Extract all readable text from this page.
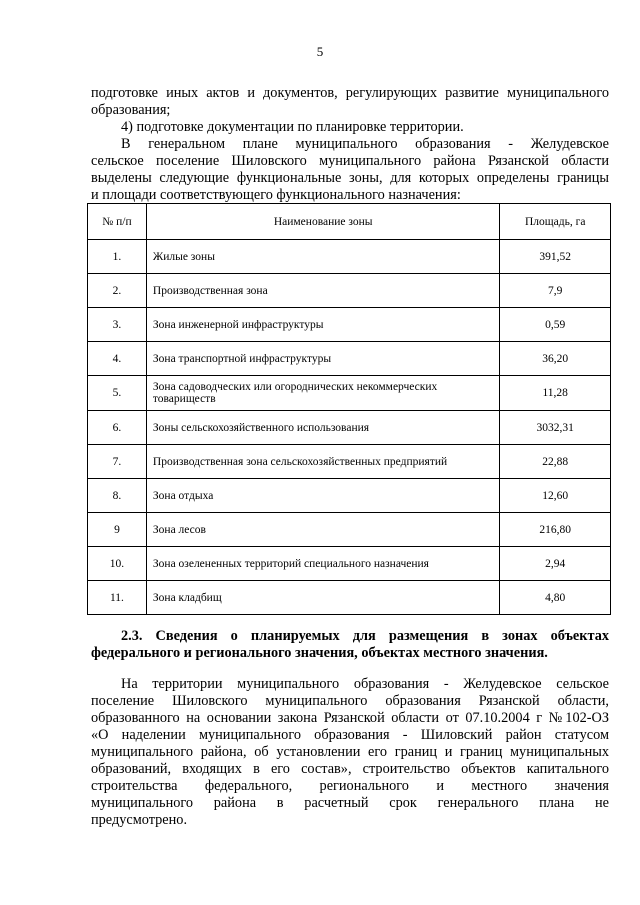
5
подготовке иных актов и документов, регулирующих развитие муниципального
образования;
4) подготовке документации по планировке территории.
В генеральном плане муниципального образования - Желудевское
сельское поселение Шиловского муниципального района Рязанской области
выделены следующие функциональные зоны, для которых определены границы
и площади соответствующего функционального назначения:
№ п/п	Наименование зоны	Площадь, га
1.	Жилые зоны	391,52
2.	Производственная зона	7,9
3.	Зона инженерной инфраструктуры	0,59
4.	Зона транспортной инфраструктуры	36,20
5.	Зона садоводческих или огороднических некоммерческих товариществ	11,28
6.	Зоны сельскохозяйственного использования	3032,31
7.	Производственная зона сельскохозяйственных предприятий	22,88
8.	Зона отдыха	12,60
9	Зона лесов	216,80
10.	Зона озелененных территорий специального назначения	2,94
11.	Зона кладбищ	4,80
2.3. Сведения о планируемых для размещения в зонах объектах
федерального и регионального значения, объектах местного значения.
На территории муниципального образования - Желудевское сельское
поселение Шиловского муниципального образования Рязанской области,
образованного на основании закона Рязанской области от 07.10.2004 г №102-ОЗ
«О наделении муниципального образования - Шиловский район статусом
муниципального района, об установлении его границ и границ муниципальных
образований, входящих в его состав», строительство объектов капитального
строительства федерального, регионального и местного значения
муниципального района в расчетный срок генерального плана не
предусмотрено.
